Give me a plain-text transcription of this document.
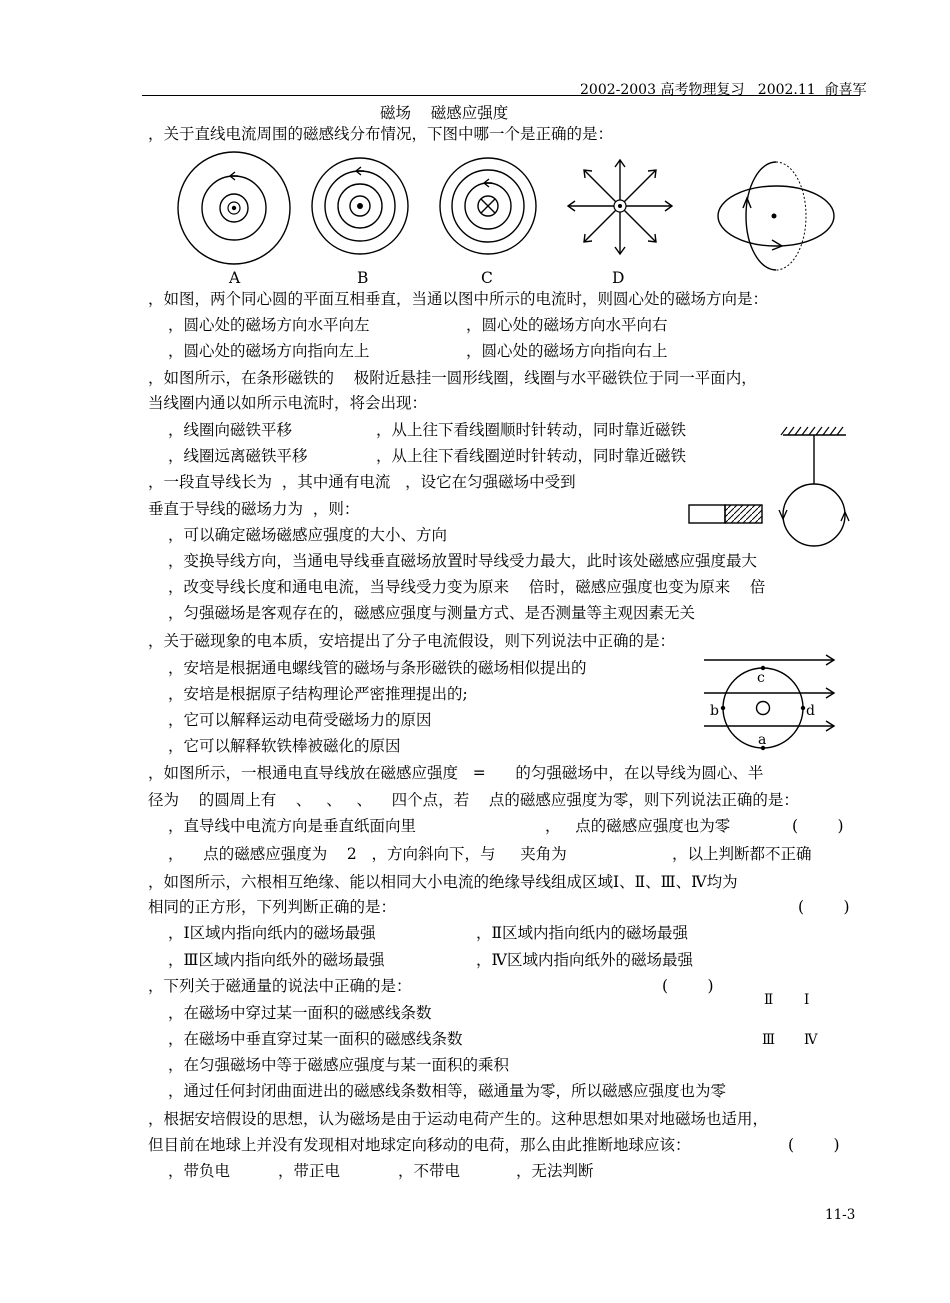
2002-2003 高考物理复习   2002.11  俞喜军
磁场    磁感应强度
，关于直线电流周围的磁感线分布情况，下图中哪一个是正确的是：
A	B	C	D
，如图，两个同心圆的平面互相垂直，当通以图中所示的电流时，则圆心处的磁场方向是：
，圆心处的磁场方向水平向左	，圆心处的磁场方向水平向右
，圆心处的磁场方向指向左上	，圆心处的磁场方向指向右上
，如图所示，在条形磁铁的    极附近悬挂一圆形线圈，线圈与水平磁铁位于同一平面内，
当线圈内通以如所示电流时，将会出现：
，线圈向磁铁平移	，从上往下看线圈顺时针转动，同时靠近磁铁
，线圈远离磁铁平移	，从上往下看线圈逆时针转动，同时靠近磁铁
，一段直导线长为  ，其中通有电流   ，设它在匀强磁场中受到
垂直于导线的磁场力为  ，则：
，可以确定磁场磁感应强度的大小、方向
，变换导线方向，当通电导线垂直磁场放置时导线受力最大，此时该处磁感应强度最大
，改变导线长度和通电电流，当导线受力变为原来    倍时，磁感应强度也变为原来    倍
，匀强磁场是客观存在的，磁感应强度与测量方式、是否测量等主观因素无关
，关于磁现象的电本质，安培提出了分子电流假设，则下列说法中正确的是：
，安培是根据通电螺线管的磁场与条形磁铁的磁场相似提出的
，安培是根据原子结构理论严密推理提出的;
，它可以解释运动电荷受磁场力的原因
，它可以解释软铁棒被磁化的原因
c
b	d
a
，如图所示，一根通电直导线放在磁感应强度   =      的匀强磁场中，在以导线为圆心、半
径为    的圆周上有    、   、   、    四个点，若    点的磁感应强度为零，则下列说法正确的是：
，直导线中电流方向是垂直纸面向里	，   点的磁感应强度也为零	(        )
，    点的磁感应强度为    2   ，方向斜向下，与     夹角为	，以上判断都不正确
，如图所示，六根相互绝缘、能以相同大小电流的绝缘导线组成区域Ⅰ、Ⅱ、Ⅲ、Ⅳ均为
相同的正方形，下列判断正确的是：	(        )
，Ⅰ区域内指向纸内的磁场最强	，Ⅱ区域内指向纸内的磁场最强
，Ⅲ区域内指向纸外的磁场最强	，Ⅳ区域内指向纸外的磁场最强
Ⅱ Ⅰ
Ⅲ Ⅳ
，下列关于磁通量的说法中正确的是：	(        )
，在磁场中穿过某一面积的磁感线条数
，在磁场中垂直穿过某一面积的磁感线条数
，在匀强磁场中等于磁感应强度与某一面积的乘积
，通过任何封闭曲面进出的磁感线条数相等，磁通量为零，所以磁感应强度也为零
，根据安培假设的思想，认为磁场是由于运动电荷产生的。这种思想如果对地磁场也适用，
但目前在地球上并没有发现相对地球定向移动的电荷，那么由此推断地球应该：	(        )
，带负电	，带正电	，不带电	，无法判断
11-3
